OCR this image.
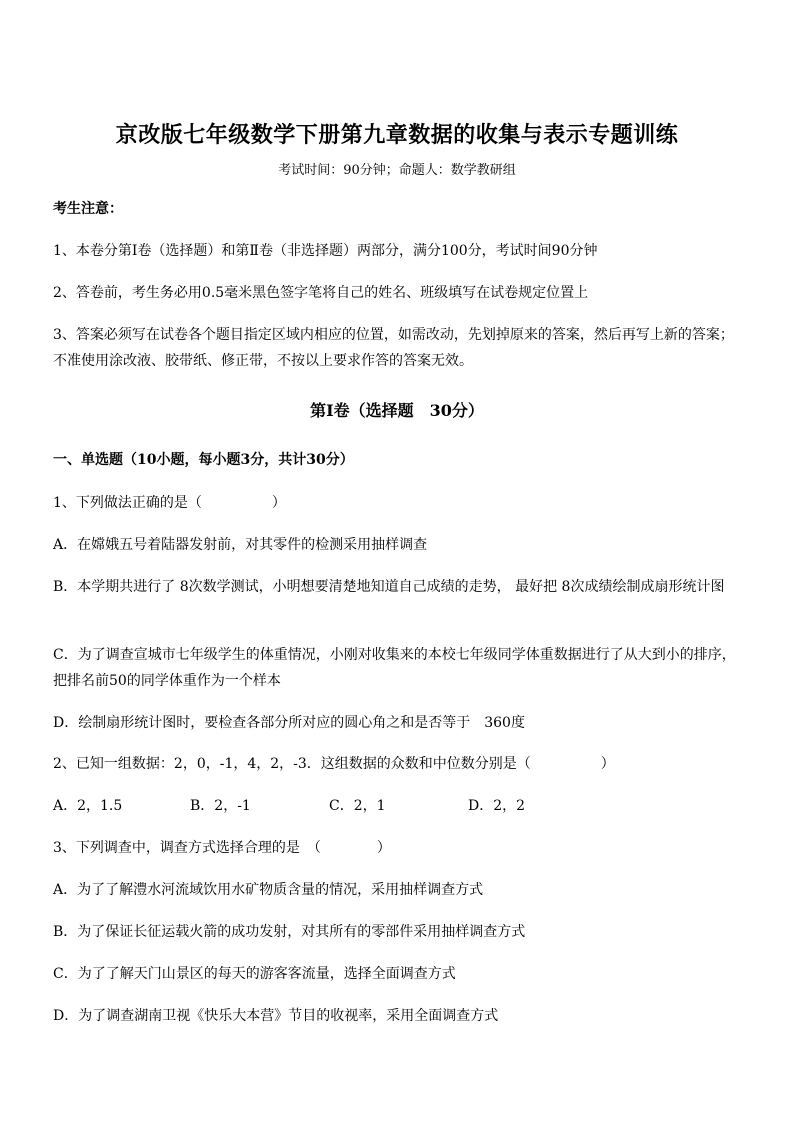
京改版七年级数学下册第九章数据的收集与表示专题训练
考试时间：90分钟；命题人：数学教研组
考生注意：
1、本卷分第Ⅰ卷（选择题）和第Ⅱ卷（非选择题）两部分，满分100分，考试时间90分钟
2、答卷前，考生务必用0.5毫米黑色签字笔将自己的姓名、班级填写在试卷规定位置上
3、答案必须写在试卷各个题目指定区域内相应的位置，如需改动，先划掉原来的答案，然后再写上新的答案；不准使用涂改液、胶带纸、修正带，不按以上要求作答的答案无效。
第Ⅰ卷（选择题　30分）
一、单选题（10小题，每小题3分，共计30分）
1、下列做法正确的是（　　　　　）
A．在嫦娥五号着陆器发射前，对其零件的检测采用抽样调查
B．本学期共进行了 8次数学测试，小明想要清楚地知道自己成绩的走势， 最好把 8次成绩绘制成扇形统计图
C．为了调查宣城市七年级学生的体重情况，小刚对收集来的本校七年级同学体重数据进行了从大到小的排序，把排名前50的同学体重作为一个样本
D．绘制扇形统计图时，要检查各部分所对应的圆心角之和是否等于　360度
2、已知一组数据：2，0，-1，4，2，-3．这组数据的众数和中位数分别是（　　　　　）
A．2，1.5	B．2，-1	C．2，1	D．2，2
3、下列调查中，调查方式选择合理的是　（　　　　）
A．为了了解澧水河流域饮用水矿物质含量的情况，采用抽样调查方式
B．为了保证长征运载火箭的成功发射，对其所有的零部件采用抽样调查方式
C．为了了解天门山景区的每天的游客客流量，选择全面调查方式
D．为了调查湖南卫视《快乐大本营》节目的收视率，采用全面调查方式
